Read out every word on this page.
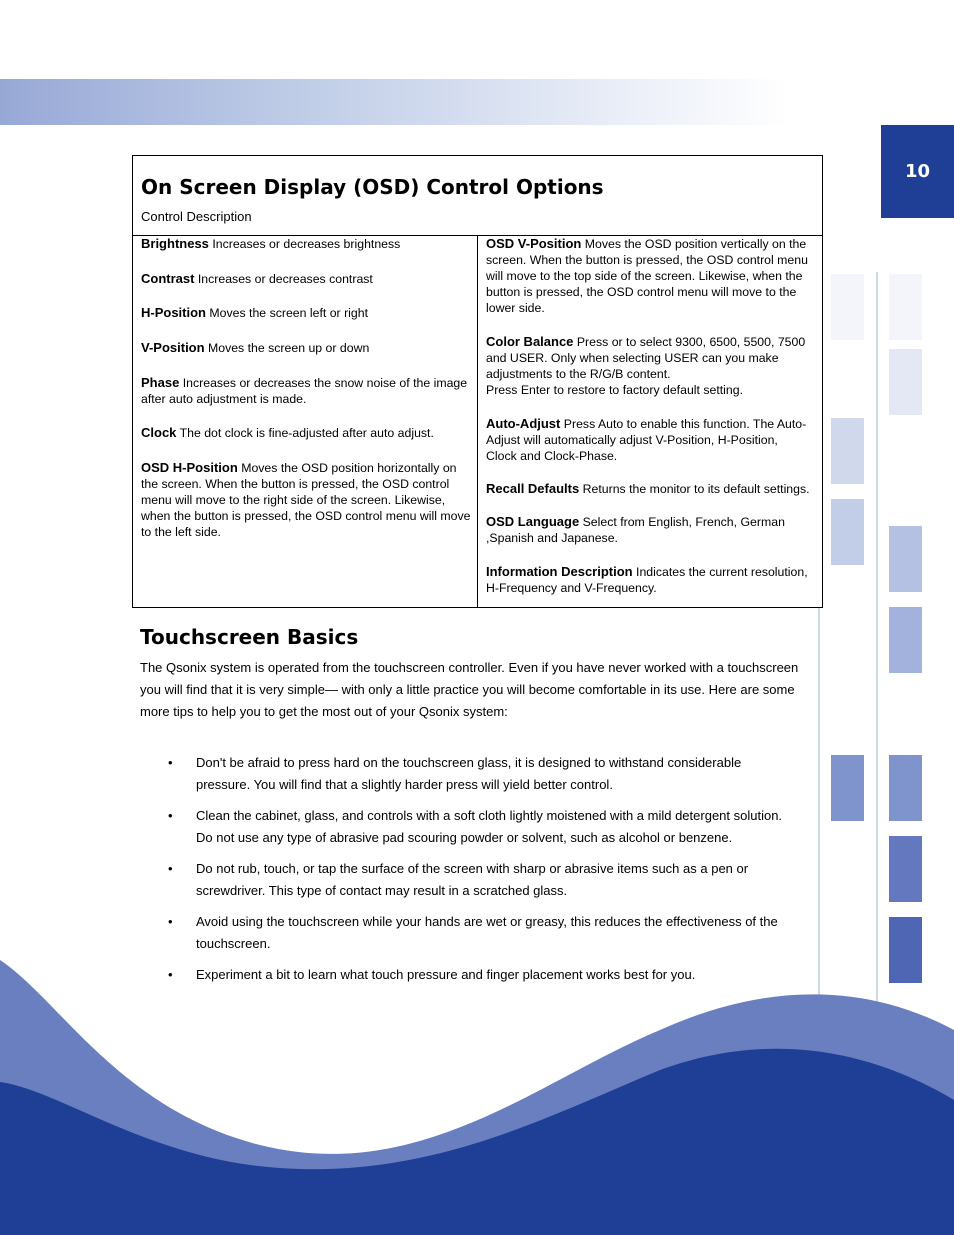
10
On Screen Display (OSD) Control Options
Control Description
Brightness Increases or decreases brightness
Contrast Increases or decreases contrast
H-Position Moves the screen left or right
V-Position Moves the screen up or down
Phase Increases or decreases the snow noise of the image after auto adjustment is made.
Clock The dot clock is fine-adjusted after auto adjust.
OSD H-Position Moves the OSD position horizontally on the screen. When the button is pressed, the OSD control menu will move to the right side of the screen. Likewise, when the button is pressed, the OSD control menu will move to the left side.
OSD V-Position Moves the OSD position vertically on the screen. When the button is pressed, the OSD control menu will move to the top side of the screen. Likewise, when the button is pressed, the OSD control menu will move to the lower side.
Color Balance Press or to select 9300, 6500, 5500, 7500 and USER. Only when selecting USER can you make adjustments to the R/G/B content.
Press Enter to restore to factory default setting.
Auto-Adjust Press Auto to enable this function. The Auto-Adjust will automatically adjust V-Position, H-Position, Clock and Clock-Phase.
Recall Defaults Returns the monitor to its default settings.
OSD Language Select from English, French, German ,Spanish and Japanese.
Information Description Indicates the current resolution, H-Frequency and V-Frequency.
Touchscreen Basics
The Qsonix system is operated from the touchscreen controller. Even if you have never worked with a touchscreen you will find that it is very simple— with only a little practice you will become comfortable in its use. Here are some more tips to help you to get the most out of your Qsonix system:
• Don't be afraid to press hard on the touchscreen glass, it is designed to withstand considerable pressure. You will find that a slightly harder press will yield better control.
• Clean the cabinet, glass, and controls with a soft cloth lightly moistened with a mild detergent solution. Do not use any type of abrasive pad scouring powder or solvent, such as alcohol or benzene.
• Do not rub, touch, or tap the surface of the screen with sharp or abrasive items such as a pen or screwdriver. This type of contact may result in a scratched glass.
• Avoid using the touchscreen while your hands are wet or greasy, this reduces the effectiveness of the touchscreen.
• Experiment a bit to learn what touch pressure and finger placement works best for you.
